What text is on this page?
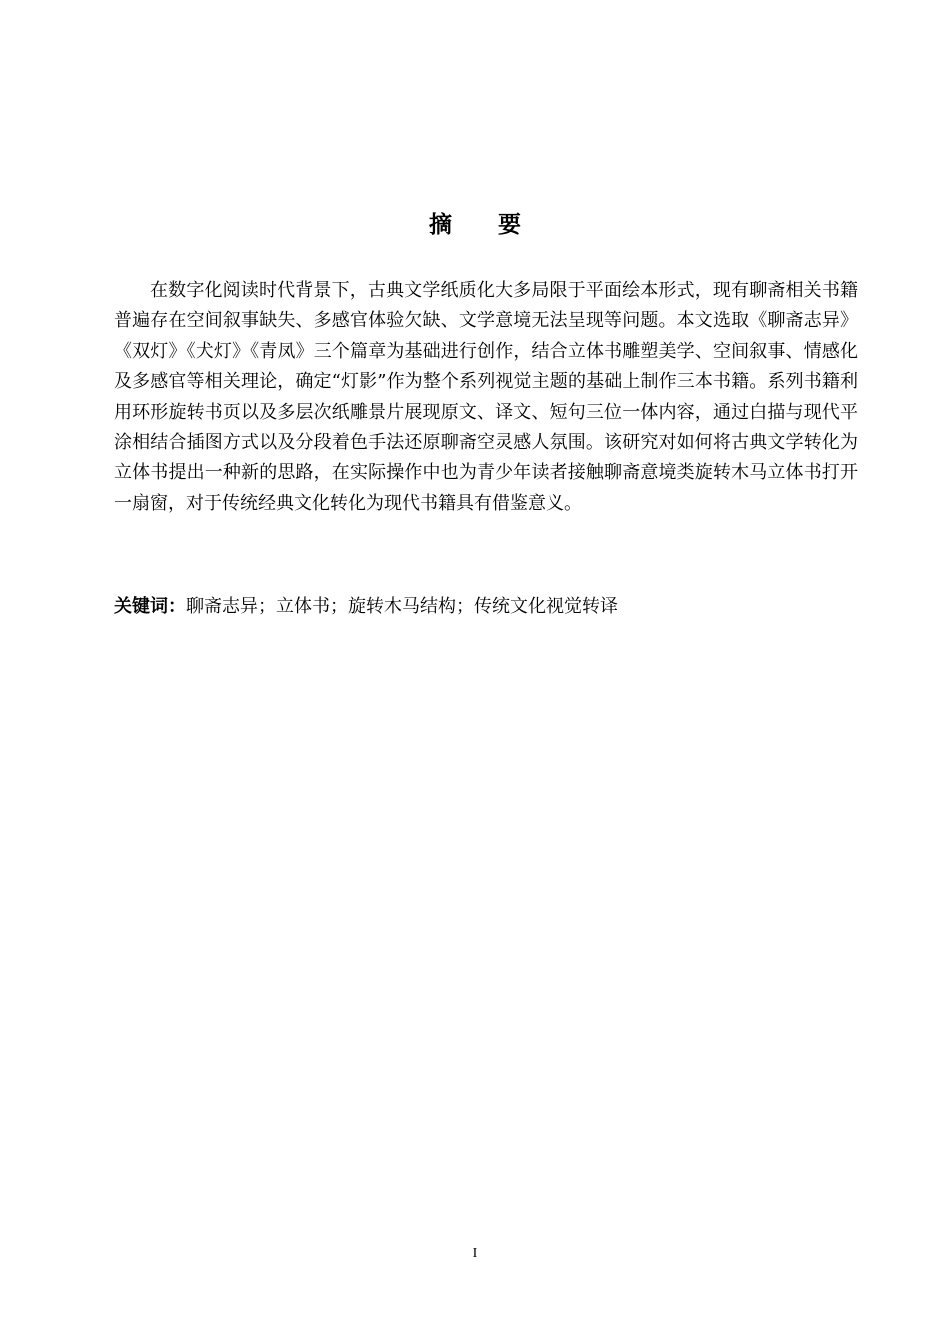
摘　　要

在数字化阅读时代背景下，古典文学纸质化大多局限于平面绘本形式，现有聊斋相关书籍普遍存在空间叙事缺失、多感官体验欠缺、文学意境无法呈现等问题。本文选取《聊斋志异》《双灯》《犬灯》《青凤》三个篇章为基础进行创作，结合立体书雕塑美学、空间叙事、情感化及多感官等相关理论，确定“灯影”作为整个系列视觉主题的基础上制作三本书籍。系列书籍利用环形旋转书页以及多层次纸雕景片展现原文、译文、短句三位一体内容，通过白描与现代平涂相结合插图方式以及分段着色手法还原聊斋空灵感人氛围。该研究对如何将古典文学转化为立体书提出一种新的思路，在实际操作中也为青少年读者接触聊斋意境类旋转木马立体书打开一扇窗，对于传统经典文化转化为现代书籍具有借鉴意义。

关键词：聊斋志异；立体书；旋转木马结构；传统文化视觉转译
I
